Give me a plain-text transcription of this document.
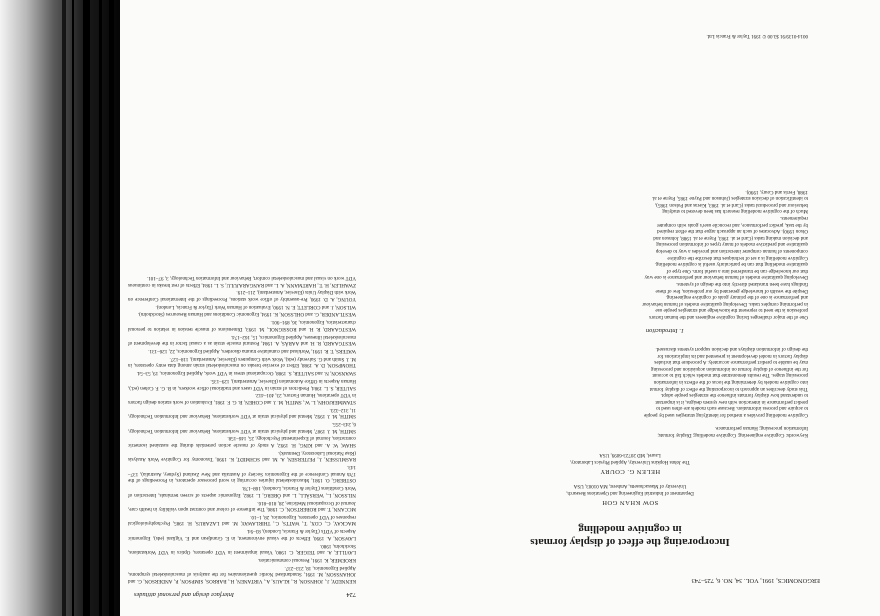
ERGONOMICS, 1991, VOL. 34, NO. 6, 725–743
Incorporating the effect of display formats
in cognitive modelling
SOW KHAN GOH
Department of Industrial Engineering and Operations Research,
University of Massachusetts, Amherst, MA 01003, USA
HELEN G. COURY
The Johns Hopkins University, Applied Physics Laboratory,
Laurel, MD 20723-6099, USA
Keywords: Cognitive engineering; Cognitive modelling; Display formats;
Information processing; Human performance.
Cognitive modelling provides a method for identifying strategies used by people
to acquire and process information. Because such models are often used to
predict performance in interaction with new system designs, it is important
to understand how display formats influence the strategies people adopt.
This study describes an approach to incorporating the effect of display format
into cognitive models by determining the locus of the effects in information
processing stages. The results demonstrate that models which fail to account
for the influence of display format on information acquisition and processing
may be unable to predict performance accurately. A procedure that includes
display factors in model development is presented and its implications for
the design of information displays and decision support systems discussed.
1. Introduction
One of the major challenges facing cognitive engineers and the human factors
profession is the need to represent the knowledge and strategies people use
in performing complex tasks. Developing qualitative models of human behaviour
and performance is one of the primary goals of cognitive engineering.
Despite the wealth of knowledge generated by our profession, few of these
findings have been translated directly into the design of systems.
Developing qualitative models of human behaviour and performance is one way
that our knowledge can be transferred into a useful form. One type of
qualitative modelling that can be particularly useful is cognitive modelling.
Cognitive modelling is a set of techniques that describe the cognitive
components of human computer interaction and provides a way to develop
qualitative and predictive models of many types of information processing
and decision making tasks (Card et al. 1983, Payne et al. 1988, Johnson and
Olson 1990). Advocates of such an approach argue that the effort required
by the task, predict performance, and reconcile user's goals with computer
requirements.
Much of the cognitive modelling research has been devoted to studying
behaviour and procedural tasks (Card et al. 1983, Kieras and Polson 1985),
to identification of decision strategies (Johnson and Payne 1985, Payne et al.
1988, Ferris and Coury, 1990).
0014-0139/91 $3.00 © 1991 Taylor & Francis Ltd.
724
Interface design and personal attitudes

KENNEDY, J., JOHNSON, R., KLAUS, A., VIRTANEN, H., BARROS, SIMPSON, P., ANDERSON, G. and JOHANSSON, M. 1991, Standardised Nordic questionnaires for the analysis of musculoskeletal symptoms, Applied Ergonomics, 18, 233–237.

KROEMER, K. 1991, Personal communication.

LAVILLE, A. and TEIGER, C. 1980, Visual impairment in VDT operators, Optics in VDT Workstations, Stockholm, 1980.

LAWSON, A. 1990, Effects of the visual environment, in E. Grandjean and E. Vigliani (eds), Ergonomic Aspects of VDTs (Taylor & Francis, London), 83–94.

MACKAY, C., COX, T., WATTS, C., THIRLAWAY, M. and LAZARUS, H. 1985, Psychophysiological responses of VDT operators, Ergonomics, 28, 1–10.

MCCANN, T. and ROBERTSON, C. 1986, The influence of colour and contrast upon visibility in health care, Journal of Occupational Medicine, 28, 810–816.

NILSSON, L., WERSÄLL, L. and ÖBERG, L. 1982, Ergonomic aspects of screen terminals, Interaction of Work Conditions (Taylor & Francis, London), 168–178.

OSTBERG, O. 1981, Musculoskeletal injuries occurring in word processor operators, in Proceedings of the 17th Annual Conference of the Ergonomics Society of Australia and New Zealand (Sydney, Australia), 137–143.

RASMUSSEN, J., PEJTERSEN, A. M. and SCHMIDT, K. 1990, Taxonomy for Cognitive Work Analysis (Risø National Laboratory, Denmark).

SHAW, W. A. and KING, H. 1992, A study of muscle action potentials during the sustained isometric contraction, Journal of Experimental Psychology, 25, 146–158.

SMITH, M. J. 1987, Mental and physical strain at VDT workstations, Behaviour and Information Technology, 6, 243–255.

SMITH, M. J. 1992, Mental and physical strain at VDT workstations, Behaviour and Information Technology, 11, 312–323.

STAMMERJOHN, L. W., SMITH, M. J. and COHEN, B. G. F. 1981, Evaluation of work station design factors in VDT operations, Human Factors, 23, 401–412.

SAUTER, S. L. 1984, Predictors of strain in VDT users and traditional office workers, in B. G. F. Cohen (ed.), Human Aspects in Office Automation (Elsevier, Amsterdam), 129–135.

SWANSON, N. and SAUTER, S. 1988, Occupational stress in VDT work, Applied Ergonomics, 19, 53–54.

THOMPSON, D. A. 1988, Effect of exercise breaks on musculoskeletal strain among data entry operators, in M. J. Smith and G. Salvendy (eds), Work with Computers (Elsevier, Amsterdam), 118–127.

WATERS, T. R. 1991, Workload and cumulative trauma disorders, Applied Ergonomics, 22, 126–131.

WESTGAARD, R. H. and AARÅS, A. 1984, Postural muscle strain as a causal factor in the development of musculoskeletal illnesses, Applied Ergonomics, 15, 162–174.

WESTGAARD, R. H. and ROSSIGNOL, M. 1993, Dimensions of muscle tension in relation to personal characteristics, Ergonomics, 36, 891–901.

WESTLANDER, G. and OHLSSON, K. 1994, Ergonomic Conditions and Human Resources (Stockholm).

WILSON, J. and CORLETT, E. N. 1990, Evaluation of Human Work (Taylor & Francis, London).

YOUNG, A. D. 1990, Pre-assembly of office work stations, Proceedings of the International Conference on Work with Display Units (Elsevier, Amsterdam), 211–219.

ZWAHLEN, H. T., HARTMANN, A. L. and RANGARAJULU, S. L. 1984, Effects of rest breaks in continuous VDT work on visual and musculoskeletal comfort, Behaviour and Information Technology, 3, 97–101.
